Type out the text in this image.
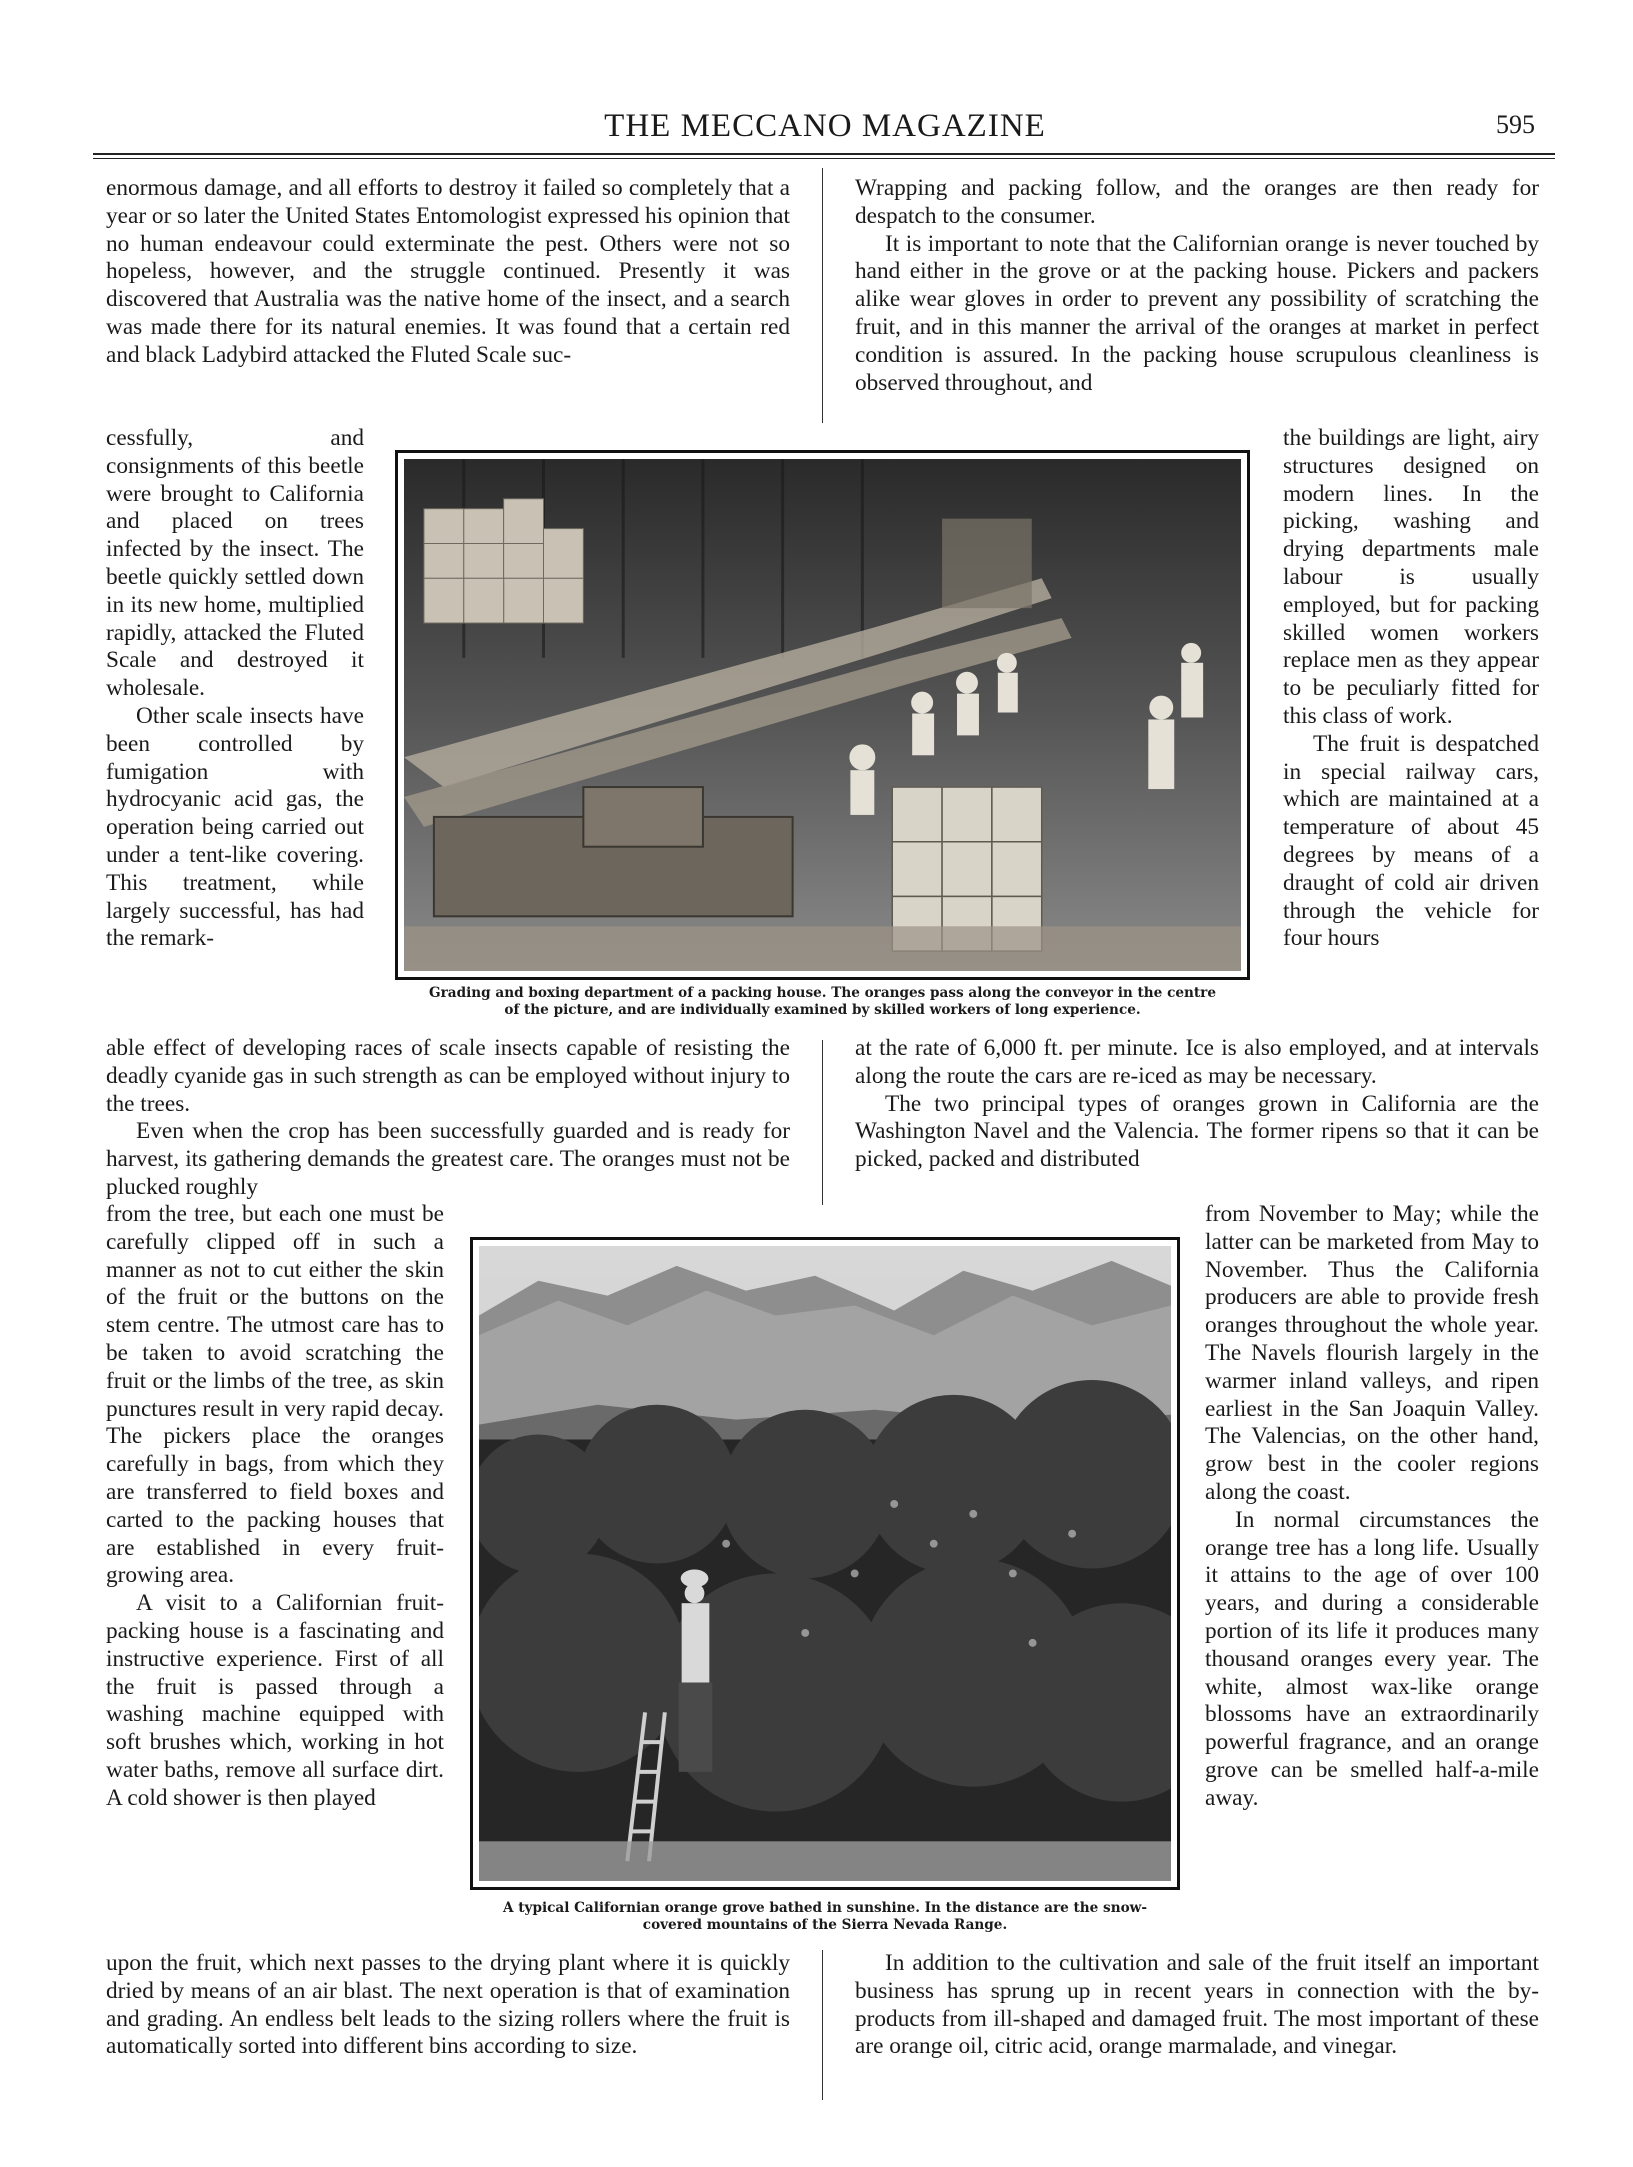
THE MECCANO MAGAZINE	595

enormous damage, and all efforts to destroy it failed so completely that a year or so later the United States Entomologist expressed his opinion that no human endeavour could exterminate the pest. Others were not so hopeless, however, and the struggle continued. Presently it was discovered that Australia was the native home of the insect, and a search was made there for its natural enemies. It was found that a certain red and black Ladybird attacked the Fluted Scale suc-

cessfully, and consignments of this beetle were brought to California and placed on trees infected by the insect. The beetle quickly settled down in its new home, multiplied rapidly, attacked the Fluted Scale and destroyed it wholesale.

Other scale insects have been controlled by fumigation with hydrocyanic acid gas, the operation being carried out under a tent-like covering. This treatment, while largely successful, has had the remark-

able effect of developing races of scale insects capable of resisting the deadly cyanide gas in such strength as can be employed without injury to the trees.

Even when the crop has been successfully guarded and is ready for harvest, its gathering demands the greatest care. The oranges must not be plucked roughly

from the tree, but each one must be carefully clipped off in such a manner as not to cut either the skin of the fruit or the buttons on the stem centre. The utmost care has to be taken to avoid scratching the fruit or the limbs of the tree, as skin punctures result in very rapid decay. The pickers place the oranges carefully in bags, from which they are transferred to field boxes and carted to the packing houses that are established in every fruit-growing area.

A visit to a Californian fruit-packing house is a fascinating and instructive experience. First of all the fruit is passed through a washing machine equipped with soft brushes which, working in hot water baths, remove all surface dirt. A cold shower is then played

upon the fruit, which next passes to the drying plant where it is quickly dried by means of an air blast. The next operation is that of examination and grading. An endless belt leads to the sizing rollers where the fruit is automatically sorted into different bins according to size.

Wrapping and packing follow, and the oranges are then ready for despatch to the consumer.

It is important to note that the Californian orange is never touched by hand either in the grove or at the packing house. Pickers and packers alike wear gloves in order to prevent any possibility of scratching the fruit, and in this manner the arrival of the oranges at market in perfect condition is assured. In the packing house scrupulous cleanliness is observed throughout, and

the buildings are light, airy structures designed on modern lines. In the picking, washing and drying departments male labour is usually employed, but for packing skilled women workers replace men as they appear to be peculiarly fitted for this class of work.

The fruit is despatched in special railway cars, which are maintained at a temperature of about 45 degrees by means of a draught of cold air driven through the vehicle for four hours

at the rate of 6,000 ft. per minute. Ice is also employed, and at intervals along the route the cars are re-iced as may be necessary.

The two principal types of oranges grown in California are the Washington Navel and the Valencia. The former ripens so that it can be picked, packed and distributed

from November to May; while the latter can be marketed from May to November. Thus the California producers are able to provide fresh oranges throughout the whole year. The Navels flourish largely in the warmer inland valleys, and ripen earliest in the San Joaquin Valley. The Valencias, on the other hand, grow best in the cooler regions along the coast.

In normal circumstances the orange tree has a long life. Usually it attains to the age of over 100 years, and during a considerable portion of its life it produces many thousand oranges every year. The white, almost wax-like orange blossoms have an extraordinarily powerful fragrance, and an orange grove can be smelled half-a-mile away.

In addition to the cultivation and sale of the fruit itself an important business has sprung up in recent years in connection with the by-products from ill-shaped and damaged fruit. The most important of these are orange oil, citric acid, orange marmalade, and vinegar.

Grading and boxing department of a packing house. The oranges pass along the conveyor in the centre
of the picture, and are individually examined by skilled workers of long experience.
A typical Californian orange grove bathed in sunshine. In the distance are the snow-
covered mountains of the Sierra Nevada Range.
